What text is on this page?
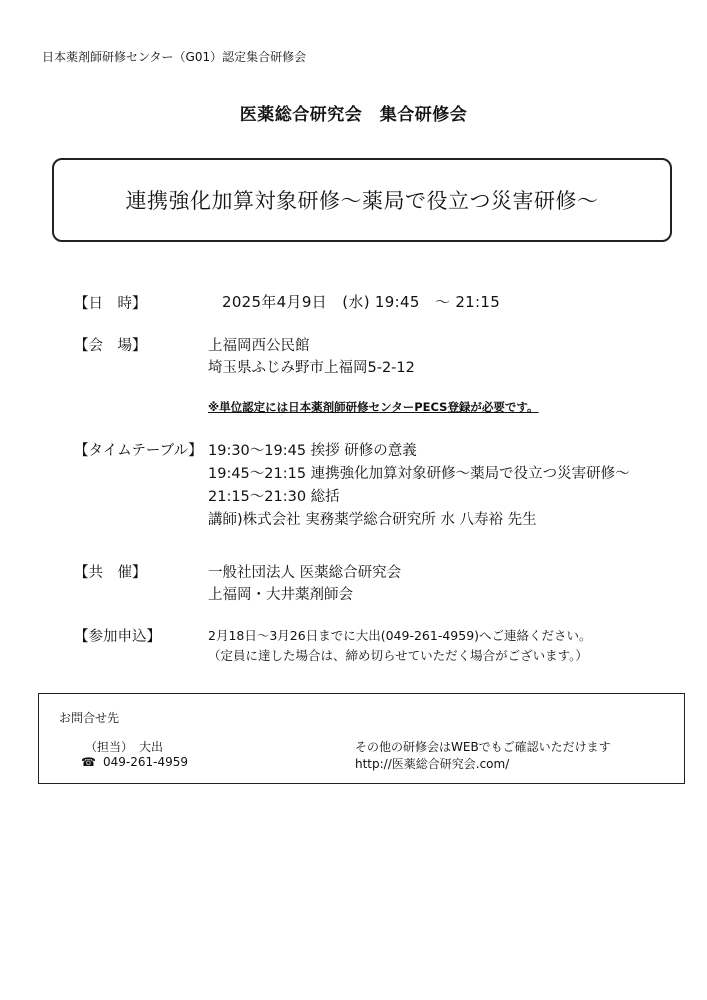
日本薬剤師研修センター（G01）認定集合研修会
医薬総合研究会　集合研修会
連携強化加算対象研修～薬局で役立つ災害研修～
【日　時】	2025年4月9日　(水) 19:45　～ 21:15
【会　場】	上福岡西公民館
埼玉県ふじみ野市上福岡5-2-12
※単位認定には日本薬剤師研修センターPECS登録が必要です。
【タイムテーブル】 19:30～19:45 挨拶 研修の意義
19:45～21:15 連携強化加算対象研修～薬局で役立つ災害研修～
21:15～21:30 総括
講師)株式会社 実務薬学総合研究所 水 八寿裕 先生
【共　催】	一般社団法人 医薬総合研究会
上福岡・大井薬剤師会
【参加申込】	2月18日～3月26日までに大出(049-261-4959)へご連絡ください。
（定員に達した場合は、締め切らせていただく場合がございます。）
お問合せ先
（担当）　大出
☎ 049-261-4959
その他の研修会はWEBでもご確認いただけます
http://医薬総合研究会.com/
